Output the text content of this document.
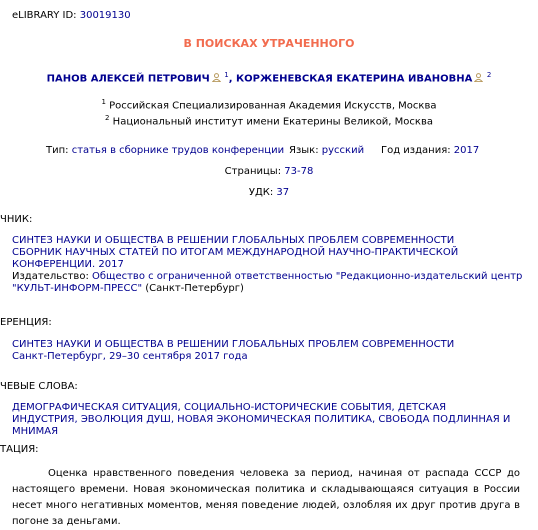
eLIBRARY ID: 30019130
В ПОИСКАХ УТРАЧЕННОГО
ПАНОВ АЛЕКСЕЙ ПЕТРОВИЧ $^1$, КОРЖЕНЕВСКАЯ ЕКАТЕРИНА ИВАНОВНА $^2$
$^1$ Российская Специализированная Академия Искусств, Москва
$^2$ Национальный институт имени Екатерины Великой, Москва
Тип: статья в сборнике трудов конференции Язык: русский Год издания: 2017
Страницы: 73-78
УДК: 37
ЧНИК:
СИНТЕЗ НАУКИ И ОБЩЕСТВА В РЕШЕНИИ ГЛОБАЛЬНЫХ ПРОБЛЕМ СОВРЕМЕННОСТИ
СБОРНИК НАУЧНЫХ СТАТЕЙ ПО ИТОГАМ МЕЖДУНАРОДНОЙ НАУЧНО-ПРАКТИЧЕСКОЙ
КОНФЕРЕНЦИИ. 2017
Издательство: Общество с ограниченной ответственностью "Редакционно-издательский центр "КУЛЬТ-ИНФОРМ-ПРЕСС" (Санкт-Петербург)
ЕРЕНЦИЯ:
СИНТЕЗ НАУКИ И ОБЩЕСТВА В РЕШЕНИИ ГЛОБАЛЬНЫХ ПРОБЛЕМ СОВРЕМЕННОСТИ
Санкт-Петербург, 29–30 сентября 2017 года
ЧЕВЫЕ СЛОВА:
ДЕМОГРАФИЧЕСКАЯ СИТУАЦИЯ, СОЦИАЛЬНО-ИСТОРИЧЕСКИЕ СОБЫТИЯ, ДЕТСКАЯ ИНДУСТРИЯ, ЭВОЛЮЦИЯ ДУШ, НОВАЯ ЭКОНОМИЧЕСКАЯ ПОЛИТИКА, СВОБОДА ПОДЛИННАЯ И МНИМАЯ
ТАЦИЯ:

Оценка нравственного поведения человека за период, начиная от распада СССР до настоящего времени. Новая экономическая политика и складывающаяся ситуация в России несет много негативных моментов, меняя поведение людей, озлобляя их друг против друга в погоне за деньгами.
